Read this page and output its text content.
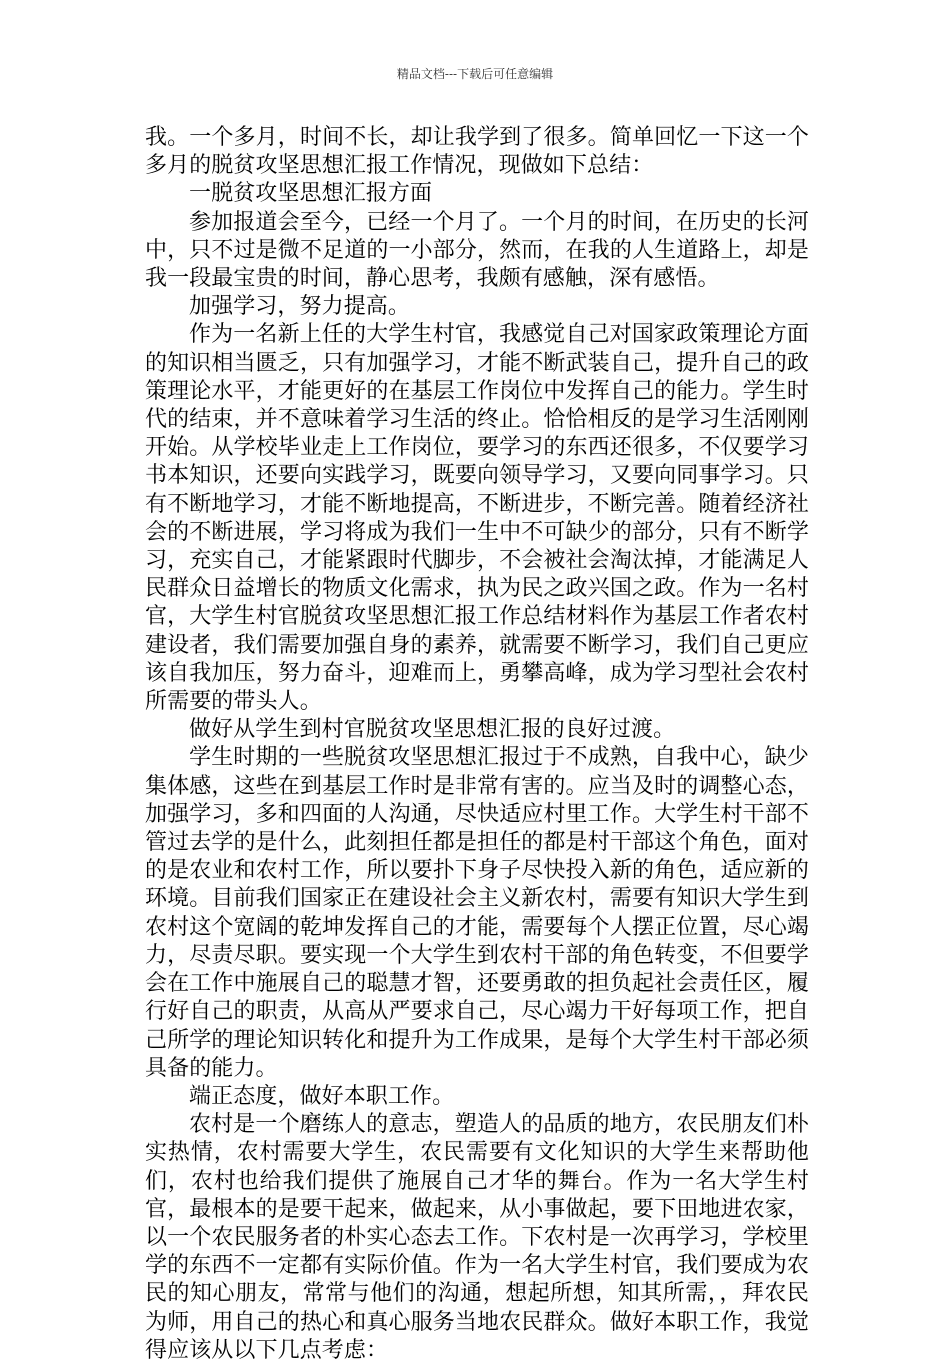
精品文档---下载后可任意编辑

我。一个多月，时间不长，却让我学到了很多。简单回忆一下这一个多月的脱贫攻坚思想汇报工作情况，现做如下总结：

一脱贫攻坚思想汇报方面

参加报道会至今，已经一个月了。一个月的时间，在历史的长河中，只不过是微不足道的一小部分，然而，在我的人生道路上，却是我一段最宝贵的时间，静心思考，我颇有感触，深有感悟。

加强学习，努力提高。

作为一名新上任的大学生村官，我感觉自己对国家政策理论方面的知识相当匮乏，只有加强学习，才能不断武装自己，提升自己的政策理论水平，才能更好的在基层工作岗位中发挥自己的能力。学生时代的结束，并不意味着学习生活的终止。恰恰相反的是学习生活刚刚开始。从学校毕业走上工作岗位，要学习的东西还很多，不仅要学习书本知识，还要向实践学习，既要向领导学习，又要向同事学习。只有不断地学习，才能不断地提高，不断进步，不断完善。随着经济社会的不断进展，学习将成为我们一生中不可缺少的部分，只有不断学习，充实自己，才能紧跟时代脚步，不会被社会淘汰掉，才能满足人民群众日益增长的物质文化需求，执为民之政兴国之政。作为一名村官，大学生村官脱贫攻坚思想汇报工作总结材料作为基层工作者农村建设者，我们需要加强自身的素养，就需要不断学习，我们自己更应该自我加压，努力奋斗，迎难而上，勇攀高峰，成为学习型社会农村所需要的带头人。

做好从学生到村官脱贫攻坚思想汇报的良好过渡。

学生时期的一些脱贫攻坚思想汇报过于不成熟，自我中心，缺少集体感，这些在到基层工作时是非常有害的。应当及时的调整心态，加强学习，多和四面的人沟通，尽快适应村里工作。大学生村干部不管过去学的是什么，此刻担任都是担任的都是村干部这个角色，面对的是农业和农村工作，所以要扑下身子尽快投入新的角色，适应新的环境。目前我们国家正在建设社会主义新农村，需要有知识大学生到农村这个宽阔的乾坤发挥自己的才能，需要每个人摆正位置，尽心竭力，尽责尽职。要实现一个大学生到农村干部的角色转变，不但要学会在工作中施展自己的聪慧才智，还要勇敢的担负起社会责任区，履行好自己的职责，从高从严要求自己，尽心竭力干好每项工作，把自己所学的理论知识转化和提升为工作成果，是每个大学生村干部必须具备的能力。

端正态度，做好本职工作。

农村是一个磨练人的意志，塑造人的品质的地方，农民朋友们朴实热情，农村需要大学生，农民需要有文化知识的大学生来帮助他们，农村也给我们提供了施展自己才华的舞台。作为一名大学生村官，最根本的是要干起来，做起来，从小事做起，要下田地进农家，以一个农民服务者的朴实心态去工作。下农村是一次再学习，学校里学的东西不一定都有实际价值。作为一名大学生村官，我们要成为农民的知心朋友，常常与他们的沟通，想起所想，知其所需，，拜农民为师，用自己的热心和真心服务当地农民群众。做好本职工作，我觉得应该从以下几点考虑：
